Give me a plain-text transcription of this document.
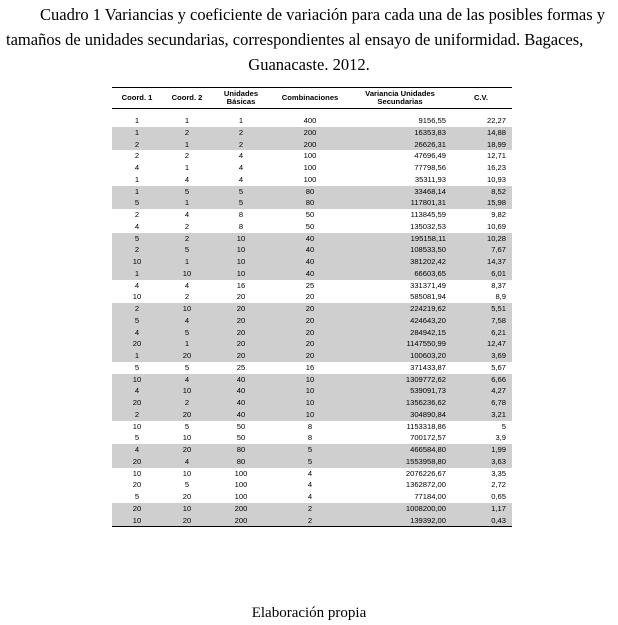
Cuadro 1 Variancias y coeficiente de variación para cada una de las posibles formas y
tamaños de unidades secundarias, correspondientes al ensayo de uniformidad. Bagaces,
Guanacaste. 2012.
Coord. 1	Coord. 2	Unidades Básicas	Combinaciones	Variancia Unidades Secundarias	C.V.

1	1	1	400	9156,55	22,27
1	2	2	200	16353,83	14,88
2	1	2	200	26626,31	18,99
2	2	4	100	47696,49	12,71
4	1	4	100	77798,56	16,23
1	4	4	100	35311,93	10,93
1	5	5	80	33468,14	8,52
5	1	5	80	117801,31	15,98
2	4	8	50	113845,59	9,82
4	2	8	50	135032,53	10,69
5	2	10	40	195158,11	10,28
2	5	10	40	108533,50	7,67
10	1	10	40	381202,42	14,37
1	10	10	40	66603,65	6,01
4	4	16	25	331371,49	8,37
10	2	20	20	585081,94	8,9
2	10	20	20	224219,62	5,51
5	4	20	20	424643,20	7,58
4	5	20	20	284942,15	6,21
20	1	20	20	1147550,99	12,47
1	20	20	20	100603,20	3,69
5	5	25	16	371433,87	5,67
10	4	40	10	1309772,62	6,66
4	10	40	10	539091,73	4,27
20	2	40	10	1356236,62	6,78
2	20	40	10	304890,84	3,21
10	5	50	8	1153318,86	5
5	10	50	8	700172,57	3,9
4	20	80	5	466584,80	1,99
20	4	80	5	1553958,80	3,63
10	10	100	4	2076226,67	3,35
20	5	100	4	1362872,00	2,72
5	20	100	4	77184,00	0,65
20	10	200	2	1008200,00	1,17
10	20	200	2	139392,00	0,43
Elaboración propia
